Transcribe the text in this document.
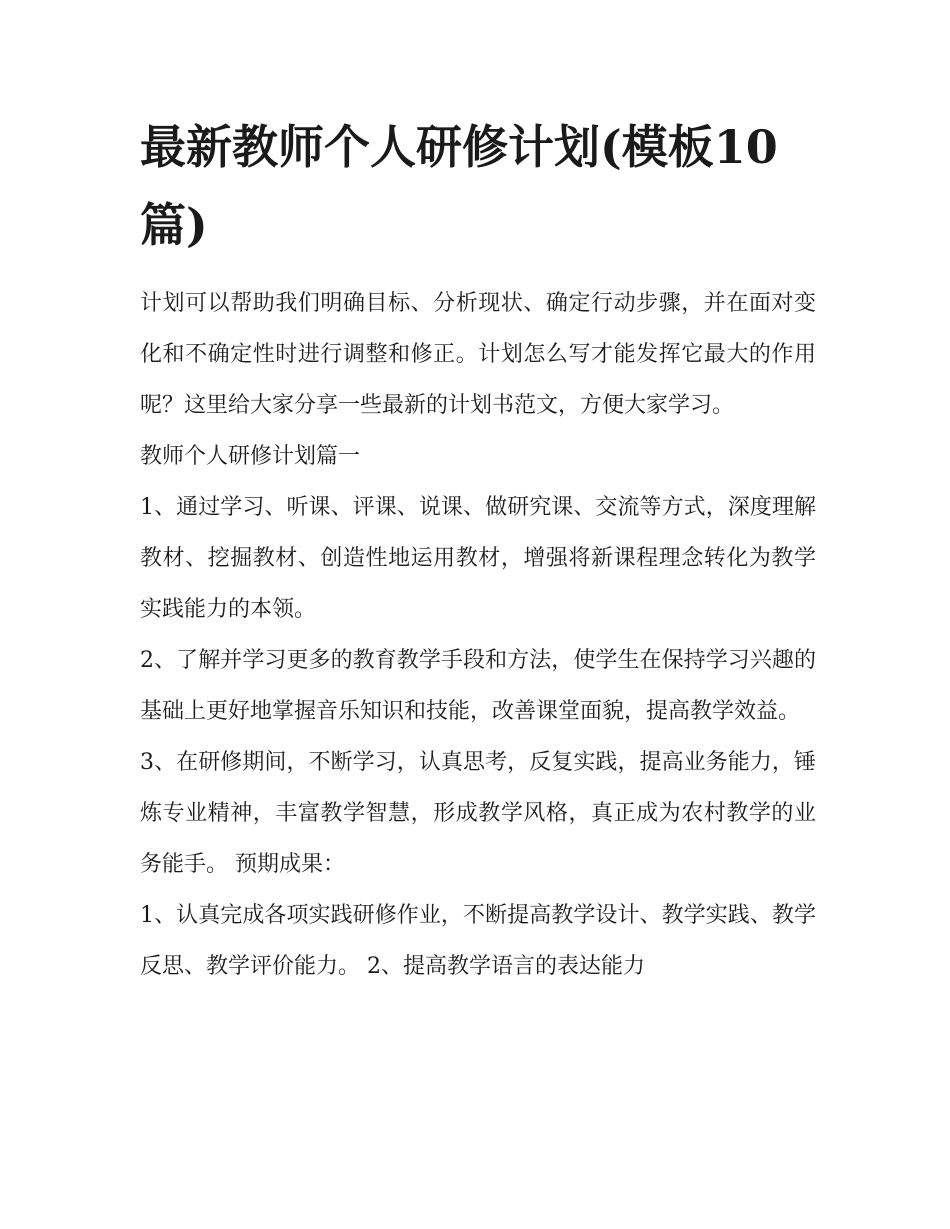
最新教师个人研修计划(模板10篇)

计划可以帮助我们明确目标、分析现状、确定行动步骤，并在面对变化和不确定性时进行调整和修正。计划怎么写才能发挥它最大的作用呢？这里给大家分享一些最新的计划书范文，方便大家学习。

教师个人研修计划篇一

1、通过学习、听课、评课、说课、做研究课、交流等方式，深度理解教材、挖掘教材、创造性地运用教材，增强将新课程理念转化为教学实践能力的本领。

2、了解并学习更多的教育教学手段和方法，使学生在保持学习兴趣的基础上更好地掌握音乐知识和技能，改善课堂面貌，提高教学效益。

3、在研修期间，不断学习，认真思考，反复实践，提高业务能力，锤炼专业精神，丰富教学智慧，形成教学风格，真正成为农村教学的业务能手。 预期成果：

1、认真完成各项实践研修作业，不断提高教学设计、教学实践、教学反思、教学评价能力。 2、提高教学语言的表达能力
